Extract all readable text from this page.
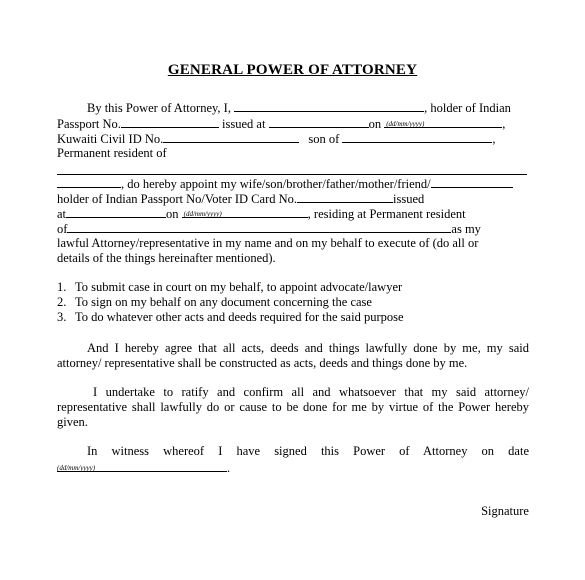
GENERAL POWER OF ATTORNEY
By this Power of Attorney, I,	, holder of Indian
Passport No.	issued at	on (dd/mm/yyyy)	,
Kuwaiti Civil ID No.	son of	,
Permanent resident of
, do hereby appoint my wife/son/brother/father/mother/friend/
holder of Indian Passport No/Voter ID Card No.	issued
at	on (dd/mm/yyyy)	, residing at Permanent resident
of	as my
lawful Attorney/representative in my name and on my behalf to execute of (do all or
details of the things hereinafter mentioned).
1. To submit case in court on my behalf, to appoint advocate/lawyer
2. To sign on my behalf on any document concerning the case
3. To do whatever other acts and deeds required for the said purpose
And I hereby agree that all acts, deeds and things lawfully done by me, my said
attorney/ representative shall be constructed as acts, deeds and things done by me.
I undertake to ratify and confirm all and whatsoever that my said attorney/
representative shall lawfully do or cause to be done for me by virtue of the Power hereby
given.
In witness whereof I have signed this Power of Attorney on date
(dd/mm/yyyy)	.
Signature
